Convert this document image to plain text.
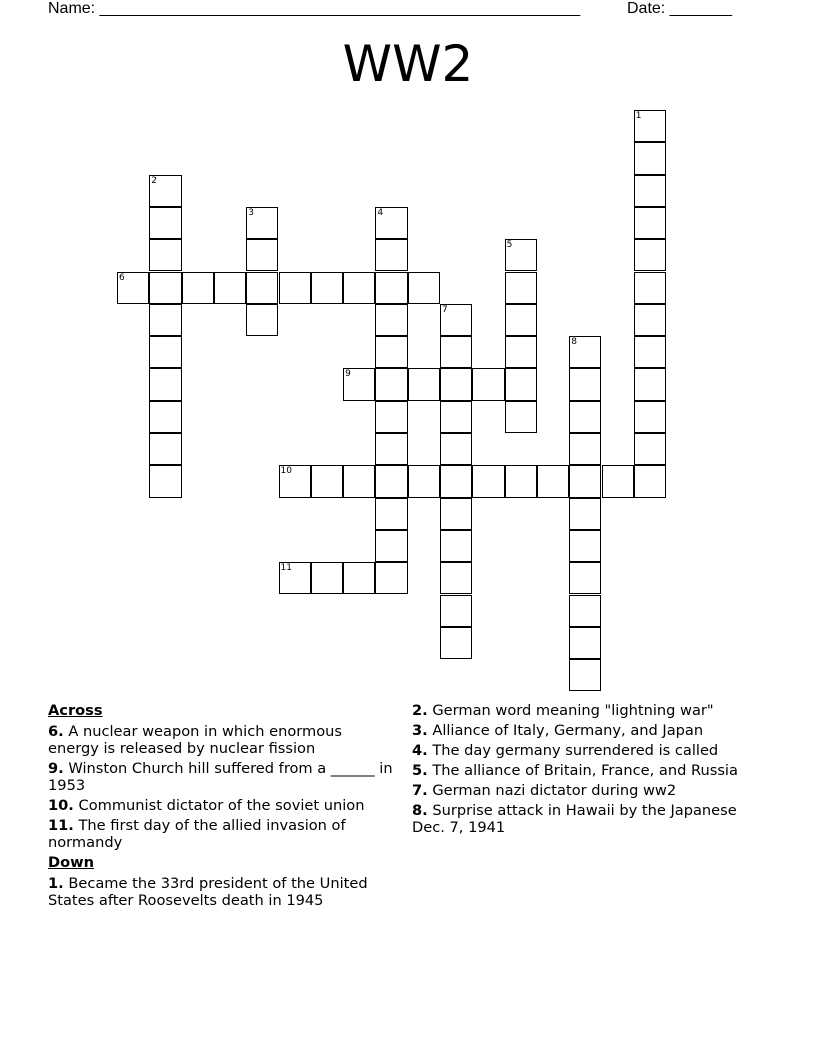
Name: ______________________________________________________	Date: _______
WW2
1
2
3	4
5
6
7
8
9
10
11
Across
6. A nuclear weapon in which enormous energy is released by nuclear fission
9. Winston Church hill suffered from a ______ in 1953
10. Communist dictator of the soviet union
11. The first day of the allied invasion of normandy
Down
1. Became the 33rd president of the United States after Roosevelts death in 1945
2. German word meaning "lightning war"
3. Alliance of Italy, Germany, and Japan
4. The day germany surrendered is called
5. The alliance of Britain, France, and Russia
7. German nazi dictator during ww2
8. Surprise attack in Hawaii by the Japanese Dec. 7, 1941
